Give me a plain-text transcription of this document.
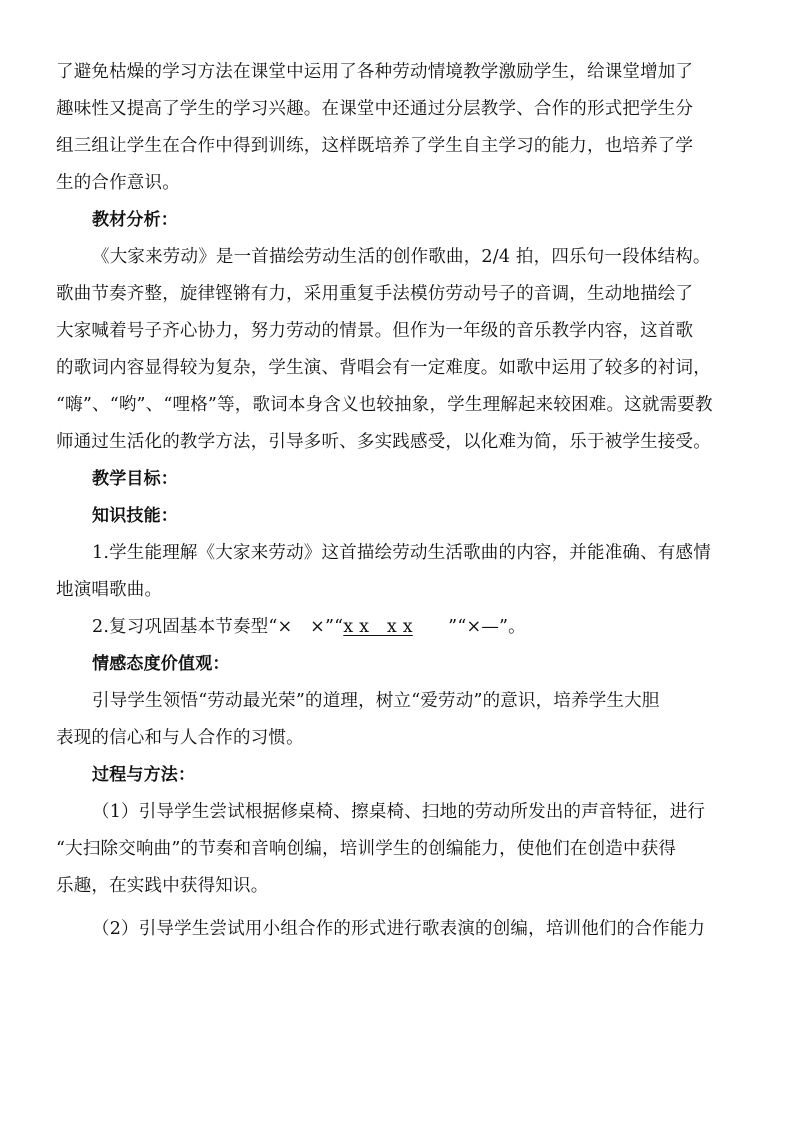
了避免枯燥的学习方法在课堂中运用了各种劳动情境教学激励学生，给课堂增加了
趣味性又提高了学生的学习兴趣。在课堂中还通过分层教学、合作的形式把学生分
组三组让学生在合作中得到训练，这样既培养了学生自主学习的能力，也培养了学
生的合作意识。
教材分析：
《大家来劳动》是一首描绘劳动生活的创作歌曲，2/4 拍，四乐句一段体结构。
歌曲节奏齐整，旋律铿锵有力，采用重复手法模仿劳动号子的音调，生动地描绘了
大家喊着号子齐心协力，努力劳动的情景。但作为一年级的音乐教学内容，这首歌
的歌词内容显得较为复杂，学生演、背唱会有一定难度。如歌中运用了较多的衬词，
“嗨”、“哟”、“哩格”等，歌词本身含义也较抽象，学生理解起来较困难。这就需要教
师通过生活化的教学方法，引导多听、多实践感受，以化难为简，乐于被学生接受。
教学目标：
知识技能：
1.学生能理解《大家来劳动》这首描绘劳动生活歌曲的内容，并能准确、有感情
地演唱歌曲。
2.复习巩固基本节奏型“×　×”“x x　x x　　”“×—”。
情感态度价值观：
引导学生领悟“劳动最光荣”的道理，树立“爱劳动”的意识，培养学生大胆
表现的信心和与人合作的习惯。
过程与方法：
（1）引导学生尝试根据修桌椅、擦桌椅、扫地的劳动所发出的声音特征，进行
“大扫除交响曲”的节奏和音响创编，培训学生的创编能力，使他们在创造中获得
乐趣，在实践中获得知识。
（2）引导学生尝试用小组合作的形式进行歌表演的创编，培训他们的合作能力
